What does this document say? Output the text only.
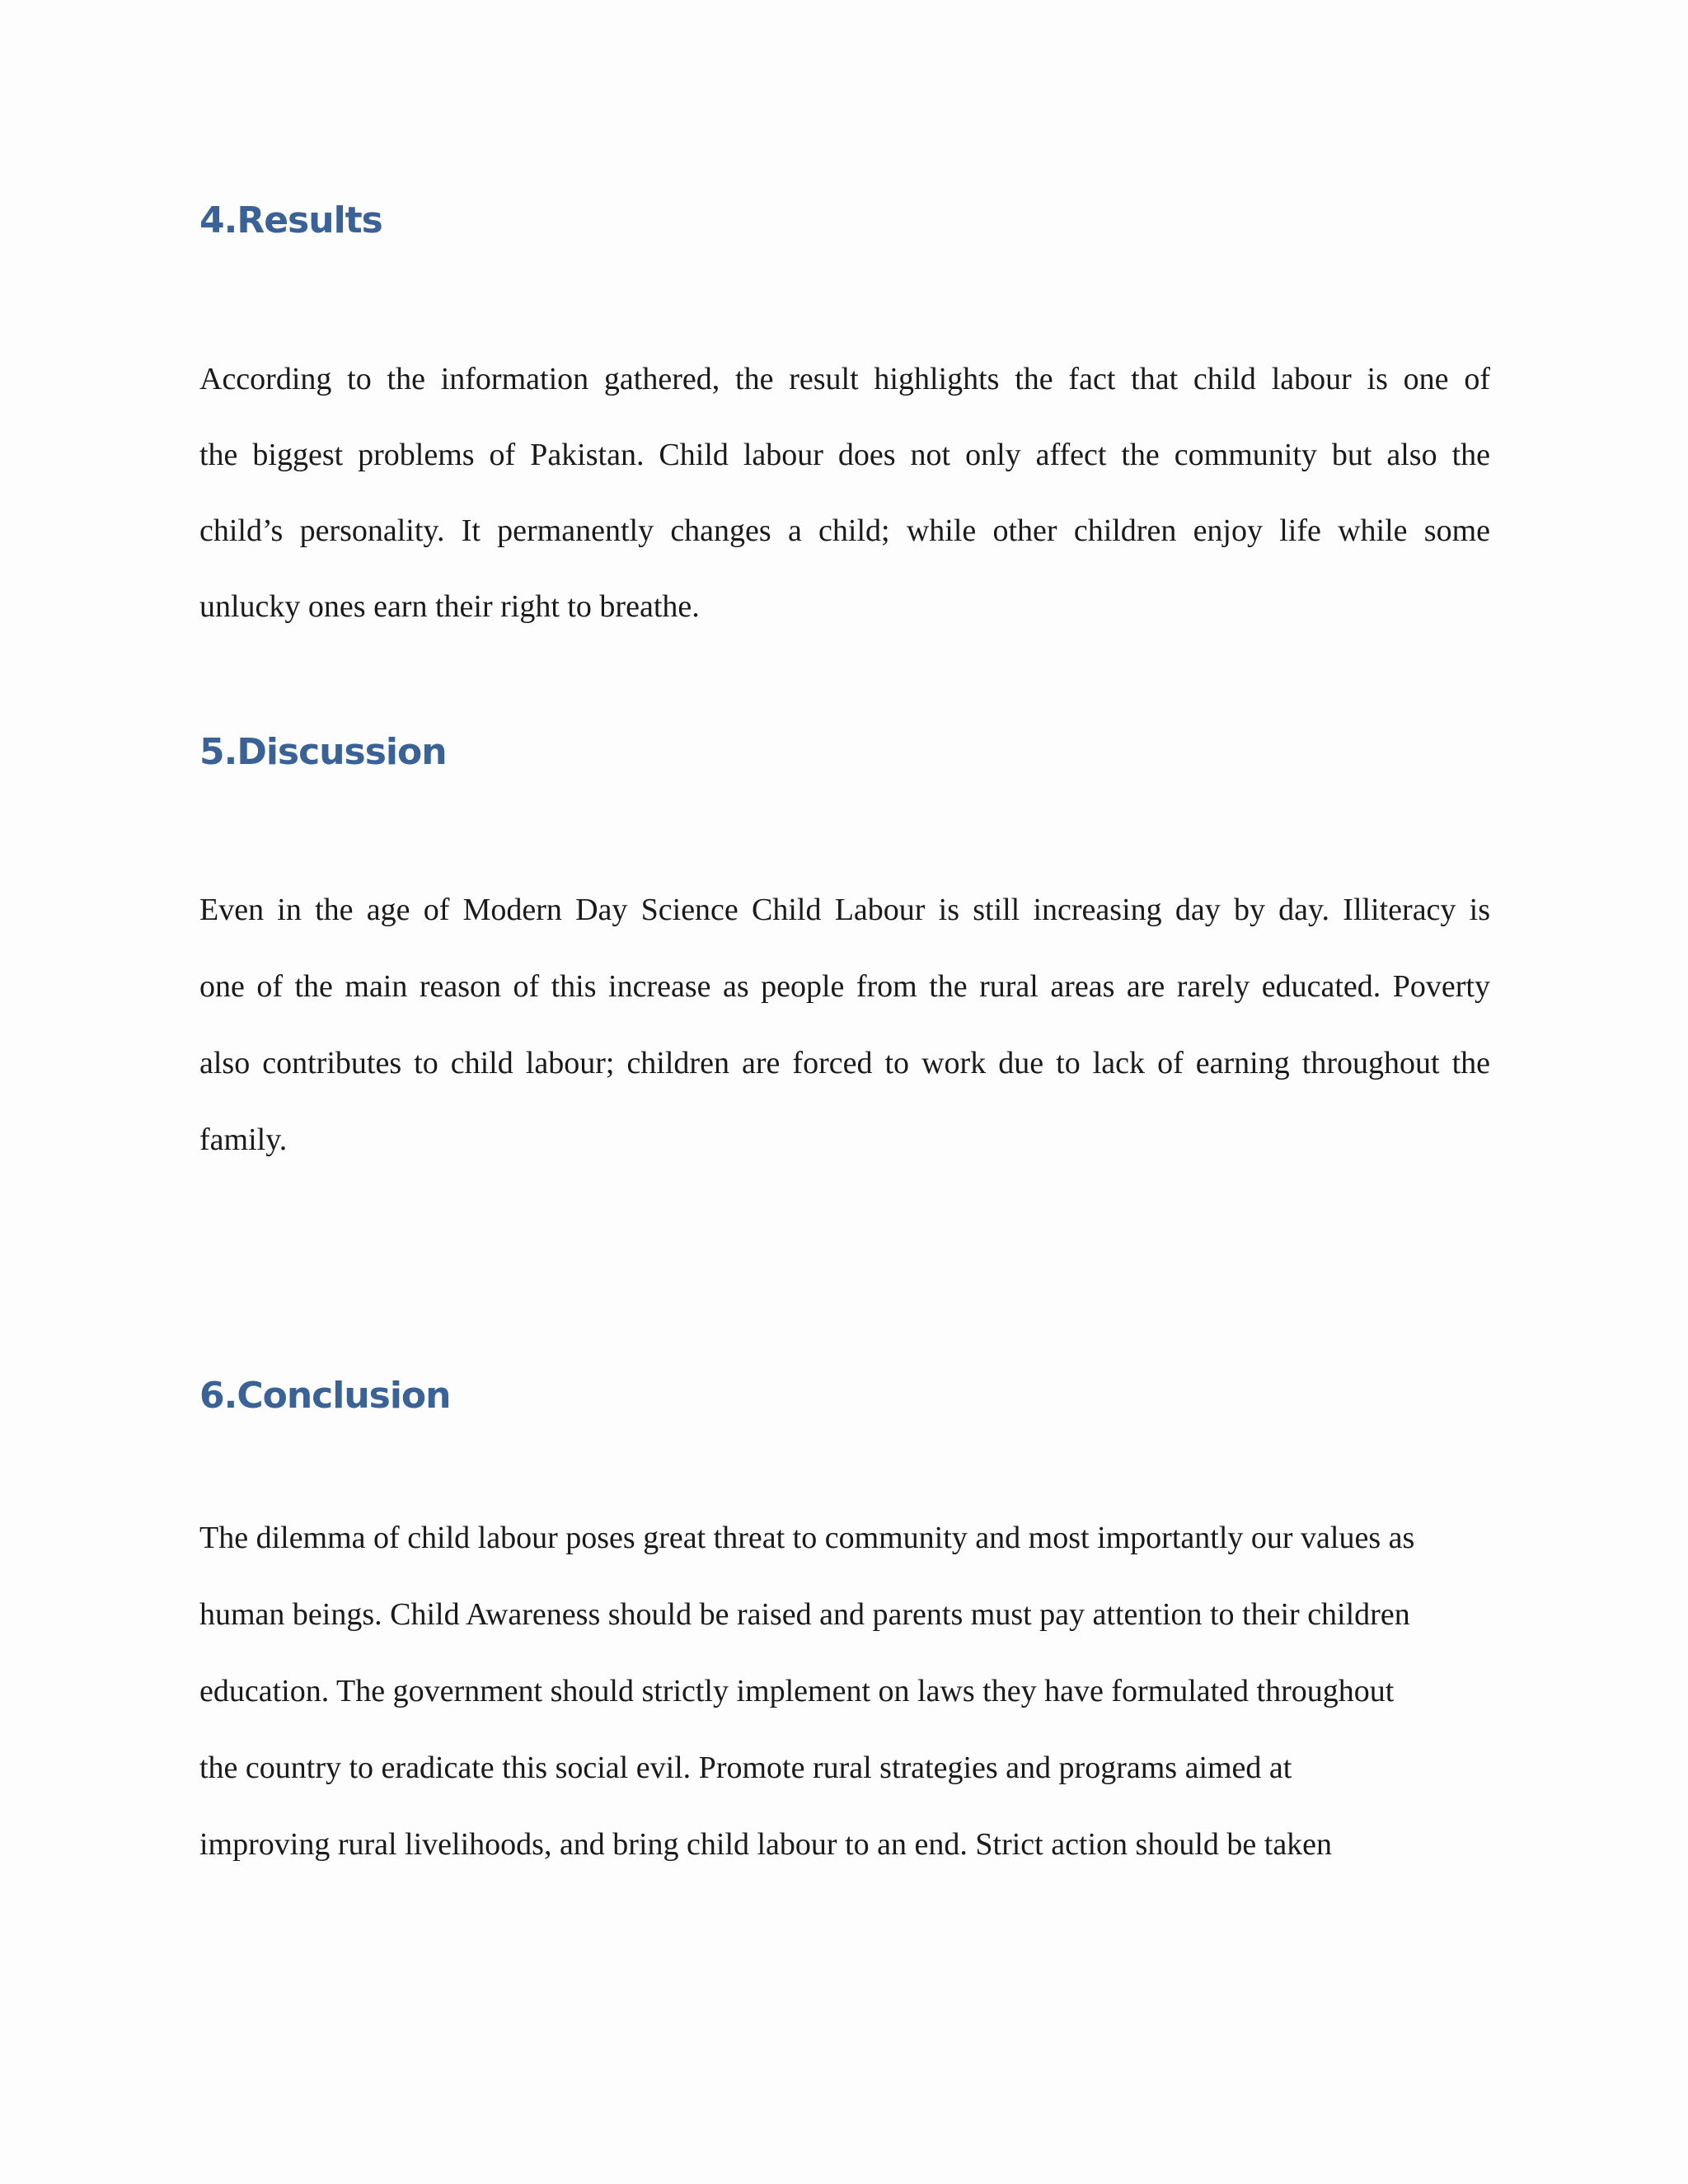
4.Results

According to the information gathered, the result highlights the fact that child labour is one of

the biggest problems of Pakistan. Child labour does not only affect the community but also the

child’s personality. It permanently changes a child; while other children enjoy life while some

unlucky ones earn their right to breathe.

5.Discussion

Even in the age of Modern Day Science Child Labour is still increasing day by day. Illiteracy is

one of the main reason of this increase as people from the rural areas are rarely educated. Poverty

also contributes to child labour; children are forced to work due to lack of earning throughout the

family.

6.Conclusion

The dilemma of child labour poses great threat to community and most importantly our values as

human beings. Child Awareness should be raised and parents must pay attention to their children

education. The government should strictly implement on laws they have formulated throughout

the country to eradicate this social evil. Promote rural strategies and programs aimed at

improving rural livelihoods, and bring child labour to an end. Strict action should be taken
